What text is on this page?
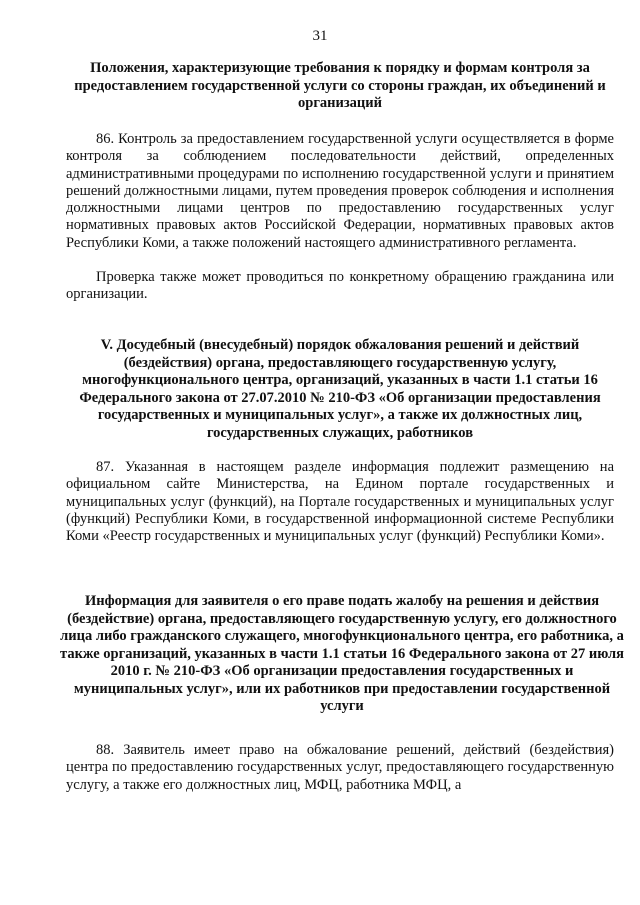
31

Положения, характеризующие требования к порядку и формам контроля за предоставлением государственной услуги со стороны граждан, их объединений и организаций

86. Контроль за предоставлением государственной услуги осуществляется в форме контроля за соблюдением последовательности действий, определенных административными процедурами по исполнению государственной услуги и принятием решений должностными лицами, путем проведения проверок соблюдения и исполнения должностными лицами центров по предоставлению государственных услуг нормативных правовых актов Российской Федерации, нормативных правовых актов Республики Коми, а также положений настоящего административного регламента.

Проверка также может проводиться по конкретному обращению гражданина или организации.

V. Досудебный (внесудебный) порядок обжалования решений и действий (бездействия) органа, предоставляющего государственную услугу, многофункционального центра, организаций, указанных в части 1.1 статьи 16 Федерального закона от 27.07.2010 № 210-ФЗ «Об организации предоставления государственных и муниципальных услуг», а также их должностных лиц, государственных служащих, работников

87. Указанная в настоящем разделе информация подлежит размещению на официальном сайте Министерства, на Едином портале государственных и муниципальных услуг (функций), на Портале государственных и муниципальных услуг (функций) Республики Коми, в государственной информационной системе Республики Коми «Реестр государственных и муниципальных услуг (функций) Республики Коми».

Информация для заявителя о его праве подать жалобу на решения и действия (бездействие) органа, предоставляющего государственную услугу, его должностного лица либо гражданского служащего, многофункционального центра, его работника, а также организаций, указанных в части 1.1 статьи 16 Федерального закона от 27 июля 2010 г. № 210-ФЗ «Об организации предоставления государственных и муниципальных услуг», или их работников при предоставлении государственной услуги

88. Заявитель имеет право на обжалование решений, действий (бездействия) центра по предоставлению государственных услуг, предоставляющего государственную услугу, а также его должностных лиц, МФЦ, работника МФЦ, а
